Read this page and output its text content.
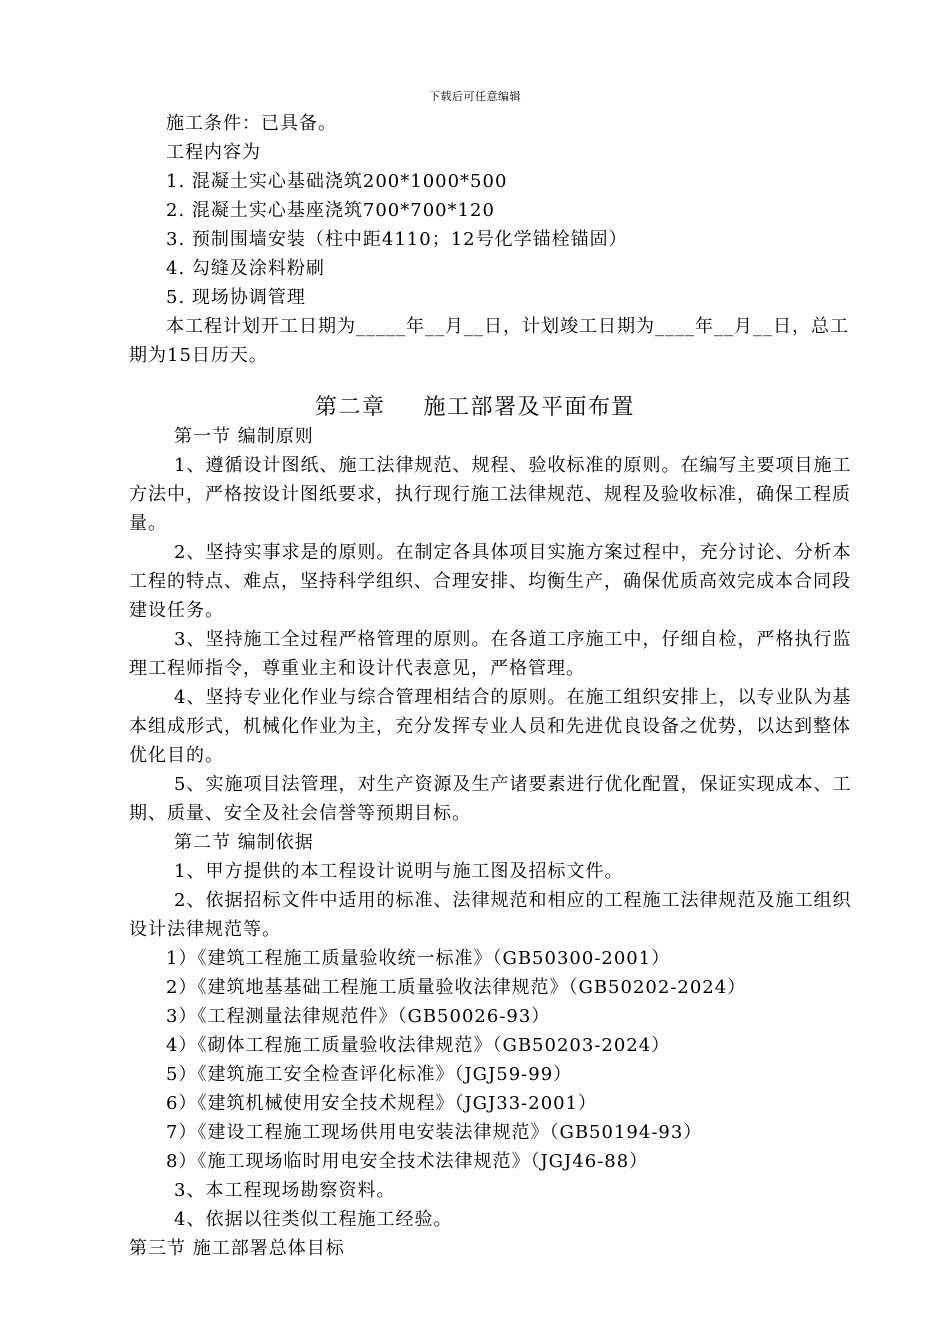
下载后可任意编辑
施工条件：已具备。
工程内容为
1. 混凝土实心基础浇筑200*1000*500
2. 混凝土实心基座浇筑700*700*120
3. 预制围墙安装（柱中距4110；12号化学锚栓锚固）
4. 勾缝及涂料粉刷
5. 现场协调管理
本工程计划开工日期为_____年__月__日，计划竣工日期为____年__月__日，总工
期为15日历天。
第二章 施工部署及平面布置
第一节 编制原则
1、遵循设计图纸、施工法律规范、规程、验收标准的原则。在编写主要项目施工
方法中，严格按设计图纸要求，执行现行施工法律规范、规程及验收标准，确保工程质
量。
2、坚持实事求是的原则。在制定各具体项目实施方案过程中，充分讨论、分析本
工程的特点、难点，坚持科学组织、合理安排、均衡生产，确保优质高效完成本合同段
建设任务。
3、坚持施工全过程严格管理的原则。在各道工序施工中，仔细自检，严格执行监
理工程师指令，尊重业主和设计代表意见，严格管理。
4、坚持专业化作业与综合管理相结合的原则。在施工组织安排上，以专业队为基
本组成形式，机械化作业为主，充分发挥专业人员和先进优良设备之优势，以达到整体
优化目的。
5、实施项目法管理，对生产资源及生产诸要素进行优化配置，保证实现成本、工
期、质量、安全及社会信誉等预期目标。
第二节 编制依据
1、甲方提供的本工程设计说明与施工图及招标文件。
2、依据招标文件中适用的标准、法律规范和相应的工程施工法律规范及施工组织
设计法律规范等。
1）《建筑工程施工质量验收统一标准》（GB50300-2001）
2）《建筑地基基础工程施工质量验收法律规范》（GB50202-2024）
3）《工程测量法律规范件》（GB50026-93）
4）《砌体工程施工质量验收法律规范》（GB50203-2024）
5）《建筑施工安全检查评化标准》（JGJ59-99）
6）《建筑机械使用安全技术规程》（JGJ33-2001）
7）《建设工程施工现场供用电安装法律规范》（GB50194-93）
8）《施工现场临时用电安全技术法律规范》（JGJ46-88）
3、本工程现场勘察资料。
4、依据以往类似工程施工经验。
第三节 施工部署总体目标
